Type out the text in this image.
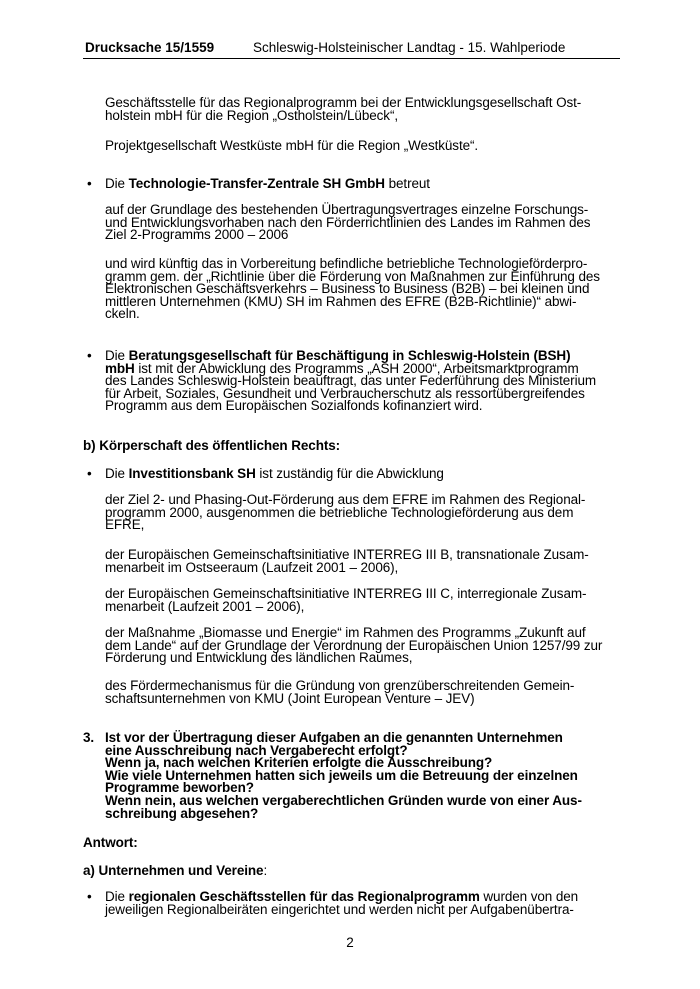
Drucksache 15/1559	Schleswig-Holsteinischer Landtag - 15. Wahlperiode
Geschäftsstelle für das Regionalprogramm bei der Entwicklungsgesellschaft Ost-
holstein mbH für die Region „Ostholstein/Lübeck“,
Projektgesellschaft Westküste mbH für die Region „Westküste“.
• Die Technologie-Transfer-Zentrale SH GmbH betreut
auf der Grundlage des bestehenden Übertragungsvertrages einzelne Forschungs-
und Entwicklungsvorhaben nach den Förderrichtlinien des Landes im Rahmen des
Ziel 2-Programms 2000 – 2006
und wird künftig das in Vorbereitung befindliche betriebliche Technologieförderpro-
gramm gem. der „Richtlinie über die Förderung von Maßnahmen zur Einführung des
Elektronischen Geschäftsverkehrs – Business to Business (B2B) – bei kleinen und
mittleren Unternehmen (KMU) SH im Rahmen des EFRE (B2B-Richtlinie)“ abwi-
ckeln.
• Die Beratungsgesellschaft für Beschäftigung in Schleswig-Holstein (BSH)
mbH ist mit der Abwicklung des Programms „ASH 2000“, Arbeitsmarktprogramm
des Landes Schleswig-Holstein beauftragt, das unter Federführung des Ministerium
für Arbeit, Soziales, Gesundheit und Verbraucherschutz als ressortübergreifendes
Programm aus dem Europäischen Sozialfonds kofinanziert wird.
b) Körperschaft des öffentlichen Rechts:
• Die Investitionsbank SH ist zuständig für die Abwicklung
der Ziel 2- und Phasing-Out-Förderung aus dem EFRE im Rahmen des Regional-
programm 2000, ausgenommen die betriebliche Technologieförderung aus dem
EFRE,
der Europäischen Gemeinschaftsinitiative INTERREG III B, transnationale Zusam-
menarbeit im Ostseeraum (Laufzeit 2001 – 2006),
der Europäischen Gemeinschaftsinitiative INTERREG III C, interregionale Zusam-
menarbeit (Laufzeit 2001 – 2006),
der Maßnahme „Biomasse und Energie“ im Rahmen des Programms „Zukunft auf
dem Lande“ auf der Grundlage der Verordnung der Europäischen Union 1257/99 zur
Förderung und Entwicklung des ländlichen Raumes,
des Fördermechanismus für die Gründung von grenzüberschreitenden Gemein-
schaftsunternehmen von KMU (Joint European Venture – JEV)
3. Ist vor der Übertragung dieser Aufgaben an die genannten Unternehmen
eine Ausschreibung nach Vergaberecht erfolgt?
Wenn ja, nach welchen Kriterien erfolgte die Ausschreibung?
Wie viele Unternehmen hatten sich jeweils um die Betreuung der einzelnen
Programme beworben?
Wenn nein, aus welchen vergaberechtlichen Gründen wurde von einer Aus-
schreibung abgesehen?
Antwort:
a) Unternehmen und Vereine:
• Die regionalen Geschäftsstellen für das Regionalprogramm wurden von den
jeweiligen Regionalbeiräten eingerichtet und werden nicht per Aufgabenübertra-
2
